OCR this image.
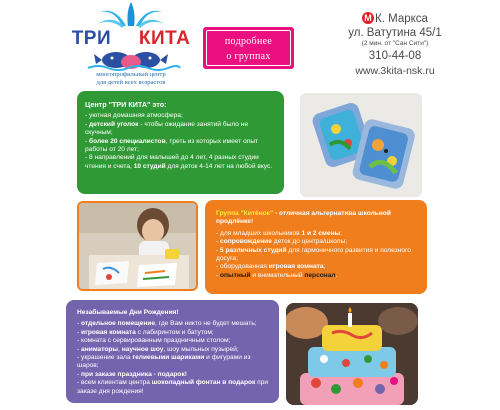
ТРИ КИТА
многопрофильный центр
для детей всех возрастов
подробнее
о группах
М К. Маркса
ул. Ватутина 45/1
(2 мин. от "Сан Сити")
310-44-08
www.3kita-nsk.ru

Центр "ТРИ КИТА" это:

- уютная домашняя атмосфера;

- детский уголок - чтобы ожидание занятий было не скучным;

- более 20 специалистов, треть из которых имеет опыт работы от 20 лет;

- 8 направлений для малышей до 4 лет, 4 разных студии чтения и счета, 10 студий для деток 4-14 лет на любой вкус.

Группа "Китёнок" - отличная альтернатива школьной продлёнке!

- для младших школьников 1 и 2 смены;

- сопровождение деток до центра/школы;

- 5 различных студий для гармоничного развития и полезного досуга;

- оборудованная игровая комната;

- опытный и внимательный персонал.

Незабываемые Дни Рождения!

- отдельное помещение, где Вам никто не будет мешать;

- игровая комната с лабиринтом и батутом;

- комната с сервированным праздничным столом;

- аниматоры, научное шоу, шоу мыльных пузырей;

- украшение зала гелиевыми шариками и фигурами из шаров;

- при заказе праздника - подарок!

- всем клиентам центра шоколадный фонтан в подарок при заказе дня рождения!
